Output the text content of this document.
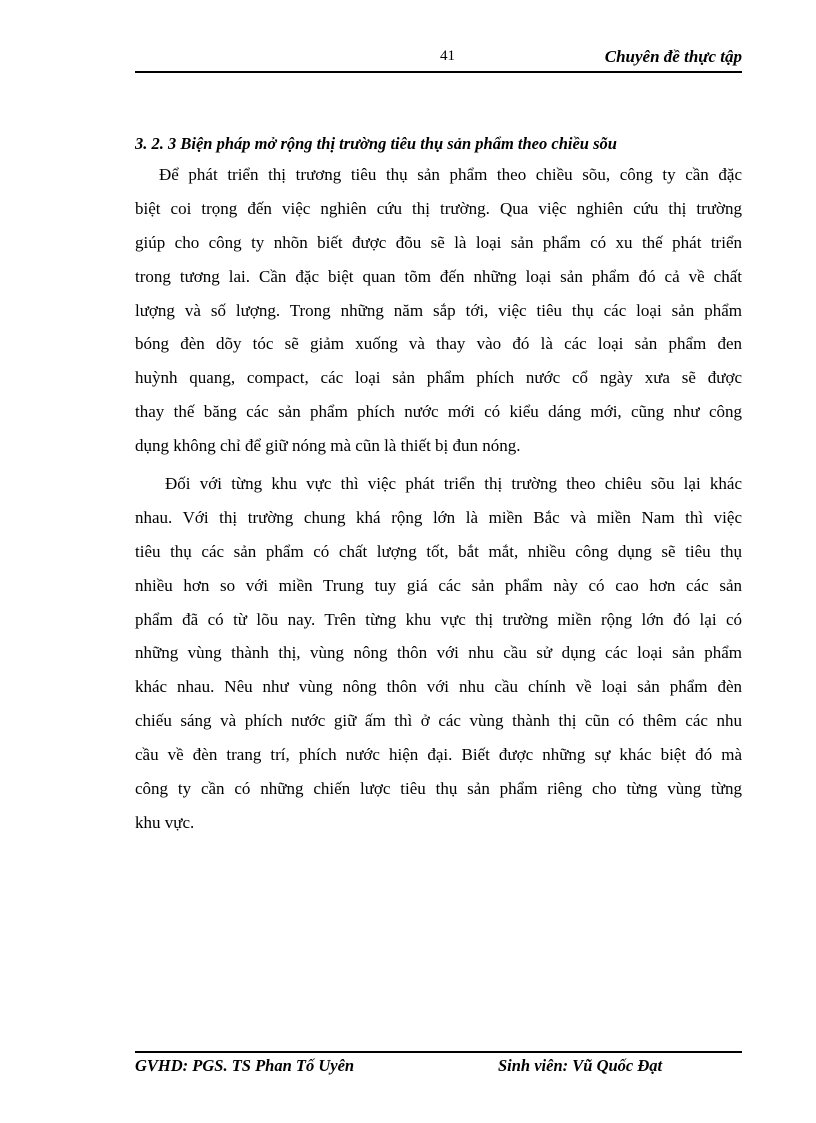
41	Chuyên đề thực tập
3. 2. 3 Biện pháp mở rộng thị trường tiêu thụ sản phẩm theo chiều sõu
Để phát triển thị trương tiêu thụ sản phẩm theo chiều sõu, công ty cần đặc
biệt coi trọng đến việc nghiên cứu thị trường. Qua việc nghiên cứu thị trường
giúp cho công ty nhõn biết được đõu sẽ là loại sản phẩm có xu thế phát triển
trong tương lai. Cần đặc biệt quan tõm đến những loại sản phẩm đó cả về chất
lượng và số lượng. Trong những năm sắp tới, việc tiêu thụ các loại sản phẩm
bóng đèn dõy tóc sẽ giảm xuống và thay vào đó là các loại sản phẩm đen
huỳnh quang, compact, các loại sản phẩm phích nước cổ ngày xưa sẽ được
thay thế băng các sản phẩm phích nước mới có kiểu dáng mới, cũng như công
dụng không chỉ để giữ nóng mà cũn là thiết bị đun nóng.
Đối với từng khu vực thì việc phát triển thị trường theo chiêu sõu lại khác
nhau. Với thị trường chung khá rộng lớn là miền Bắc và miền Nam thì việc
tiêu thụ các sản phẩm có chất lượng tốt, bắt mắt, nhiều công dụng sẽ tiêu thụ
nhiều hơn so với miền Trung tuy giá các sản phẩm này có cao hơn các sản
phẩm đã có từ lõu nay. Trên từng khu vực thị trường miền rộng lớn đó lại có
những vùng thành thị, vùng nông thôn với nhu cầu sử dụng các loại sản phẩm
khác nhau. Nêu như vùng nông thôn với nhu cầu chính về loại sản phẩm đèn
chiếu sáng và phích nước giữ ấm thì ở các vùng thành thị cũn có thêm các nhu
cầu về đèn trang trí, phích nước hiện đại. Biết được những sự khác biệt đó mà
công ty cần có những chiến lược tiêu thụ sản phẩm riêng cho từng vùng từng
khu vực.
GVHD: PGS. TS Phan Tố Uyên	Sinh viên: Vũ Quốc Đạt
